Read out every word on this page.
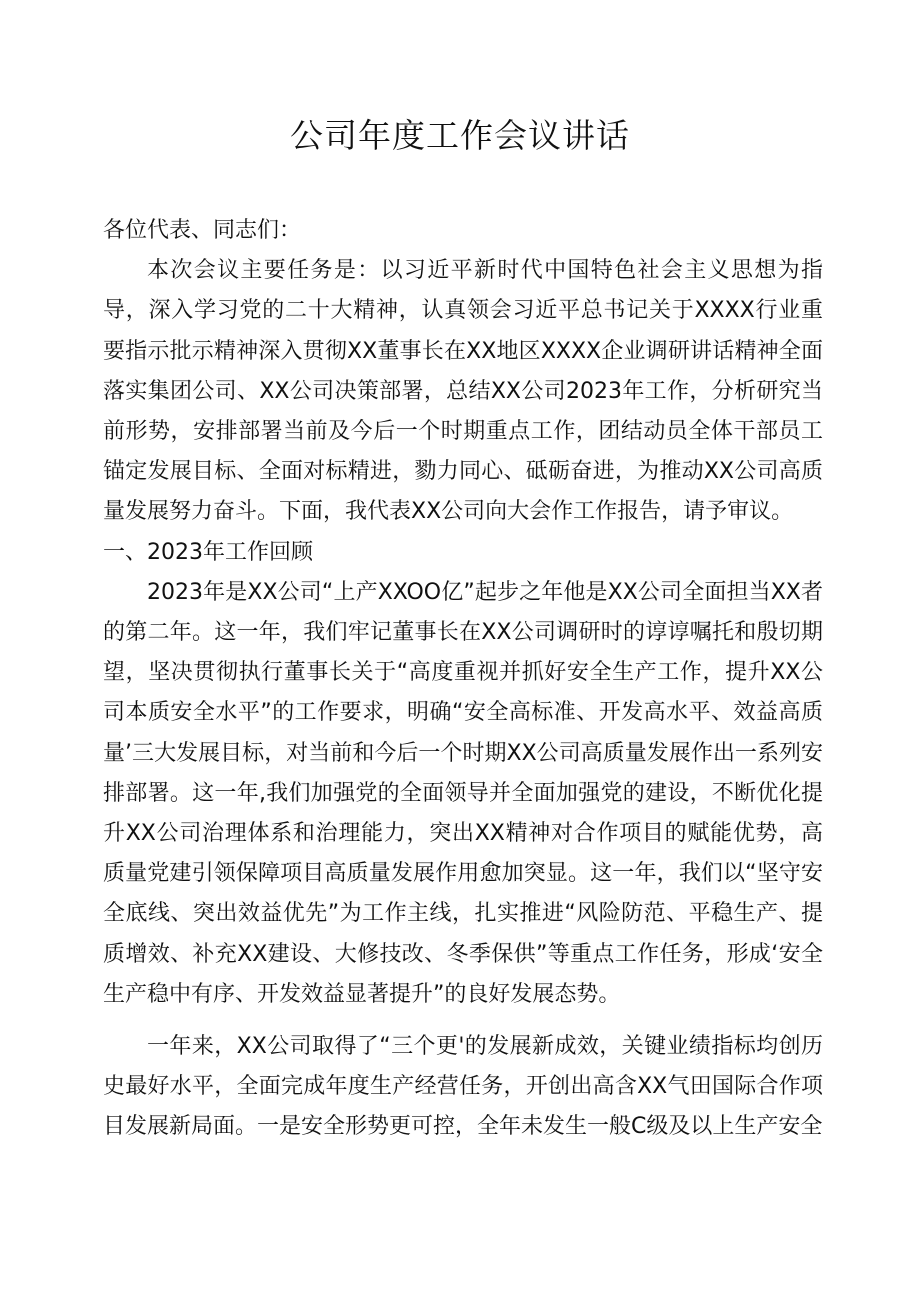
公司年度工作会议讲话

各位代表、同志们：

本次会议主要任务是：以习近平新时代中国特色社会主义思想为指导，深入学习党的二十大精神，认真领会习近平总书记关于XXXX行业重要指示批示精神深入贯彻XX董事长在XX地区XXXX企业调研讲话精神全面落实集团公司、XX公司决策部署，总结XX公司2023年工作，分析研究当前形势，安排部署当前及今后一个时期重点工作，团结动员全体干部员工锚定发展目标、全面对标精进，勠力同心、砥砺奋进，为推动XX公司高质量发展努力奋斗。下面，我代表XX公司向大会作工作报告，请予审议。

一、2023年工作回顾

2023年是XX公司“上产XXOO亿”起步之年他是XX公司全面担当XX者的第二年。这一年，我们牢记董事长在XX公司调研时的谆谆嘱托和殷切期望，坚决贯彻执行董事长关于“高度重视并抓好安全生产工作，提升XX公司本质安全水平”的工作要求，明确“安全高标准、开发高水平、效益高质量’三大发展目标，对当前和今后一个时期XX公司高质量发展作出一系列安排部署。这一年,我们加强党的全面领导并全面加强党的建设，不断优化提升XX公司治理体系和治理能力，突出XX精神对合作项目的赋能优势，高质量党建引领保障项目高质量发展作用愈加突显。这一年，我们以“坚守安全底线、突出效益优先”为工作主线，扎实推进“风险防范、平稳生产、提质增效、补充XX建设、大修技改、冬季保供”等重点工作任务，形成‘安全生产稳中有序、开发效益显著提升”的良好发展态势。

一年来，XX公司取得了“三个更'的发展新成效，关键业绩指标均创历史最好水平，全面完成年度生产经营任务，开创出高含XX气田国际合作项目发展新局面。一是安全形势更可控，全年未发生一般C级及以上生产安全
